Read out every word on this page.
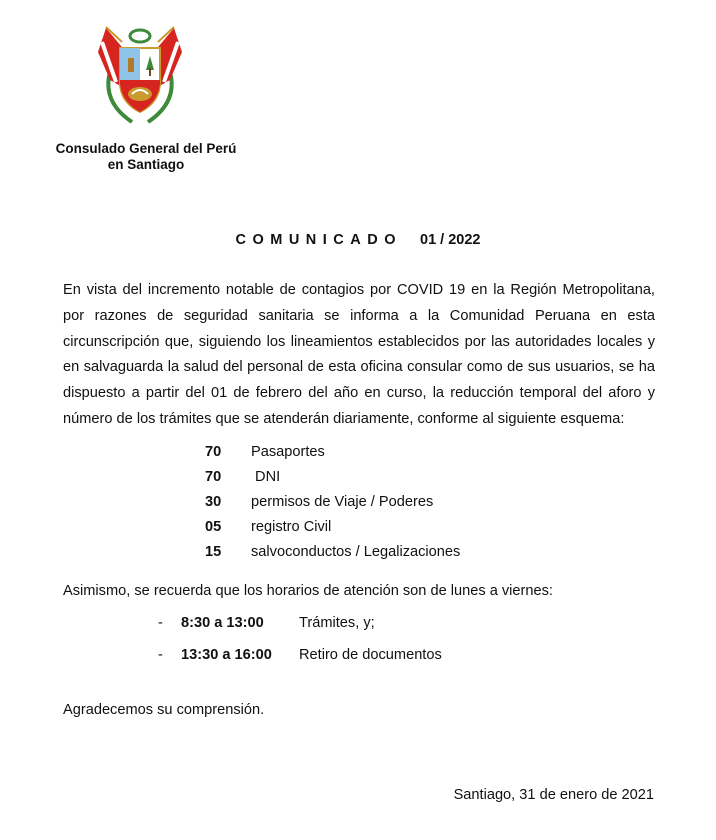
Consulado General del Perú
en Santiago
COMUNICADO 01 / 2022
En vista del incremento notable de contagios por COVID 19 en la Región Metropolitana, por razones de seguridad sanitaria se informa a la Comunidad Peruana en esta circunscripción que, siguiendo los lineamientos establecidos por las autoridades locales y en salvaguarda la salud del personal de esta oficina consular como de sus usuarios, se ha dispuesto a partir del 01 de febrero del año en curso, la reducción temporal del aforo y número de los trámites que se atenderán diariamente, conforme al siguiente esquema:
70	Pasaportes
70	DNI
30	permisos de Viaje / Poderes
05	registro Civil
15	salvoconductos / Legalizaciones
Asimismo, se recuerda que los horarios de atención son de lunes a viernes:
-	8:30 a 13:00	Trámites, y;
-	13:30 a 16:00	Retiro de documentos
Agradecemos su comprensión.
Santiago, 31 de enero de 2021
